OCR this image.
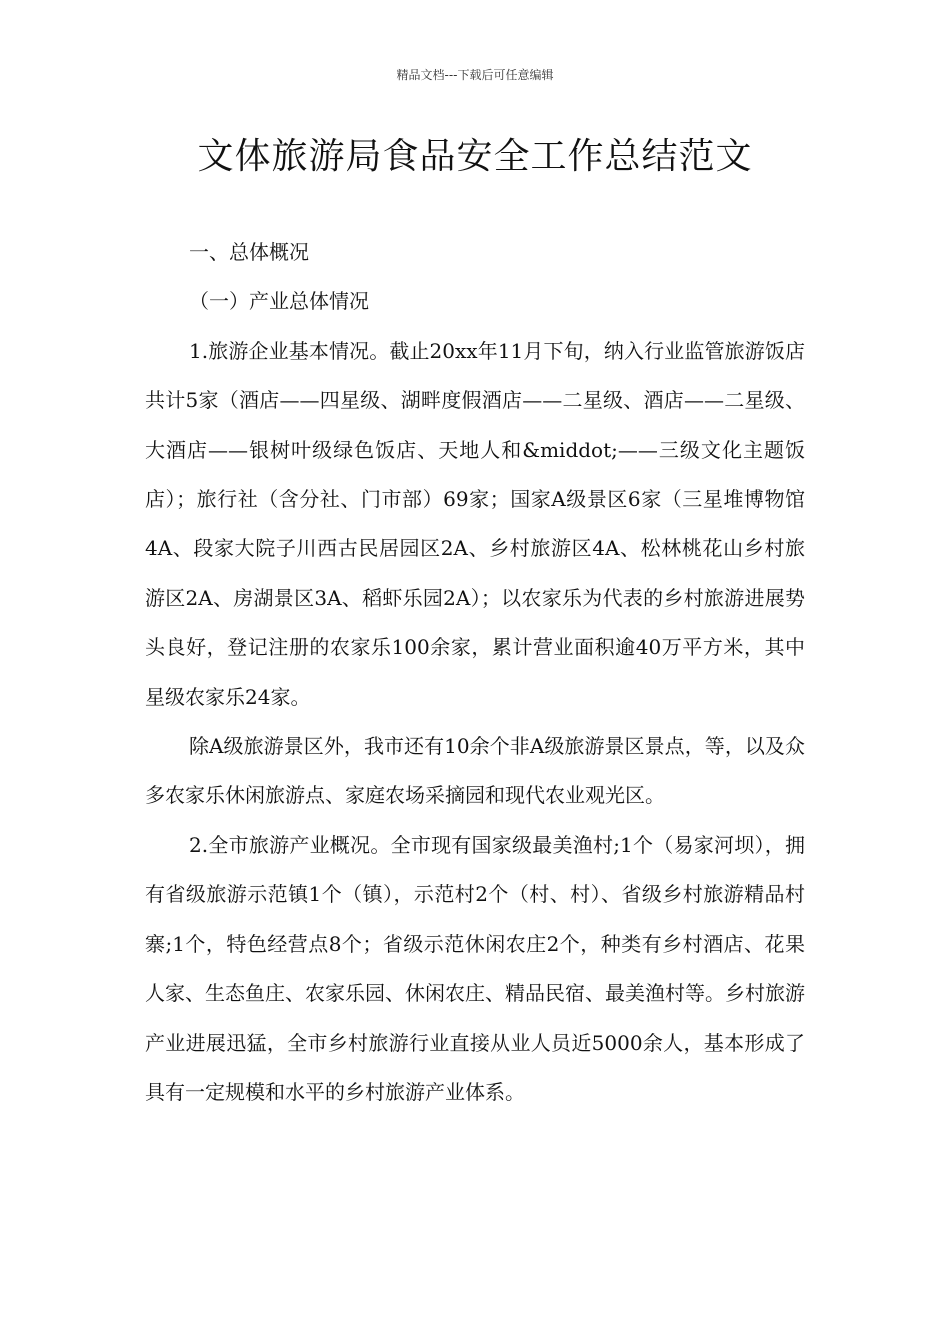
精品文档---下载后可任意编辑
文体旅游局食品安全工作总结范文

一、总体概况

（一）产业总体情况

1.旅游企业基本情况。截止20xx年11月下旬，纳入行业监管旅游饭店共计5家（酒店——四星级、湖畔度假酒店——二星级、酒店——二星级、大酒店——银树叶级绿色饭店、天地人和&middot;——三级文化主题饭店）；旅行社（含分社、门市部）69家；国家A级景区6家（三星堆博物馆4A、段家大院子川西古民居园区2A、乡村旅游区4A、松林桃花山乡村旅游区2A、房湖景区3A、稻虾乐园2A）；以农家乐为代表的乡村旅游进展势头良好，登记注册的农家乐100余家，累计营业面积逾40万平方米，其中星级农家乐24家。

除A级旅游景区外，我市还有10余个非A级旅游景区景点，等，以及众多农家乐休闲旅游点、家庭农场采摘园和现代农业观光区。

2.全市旅游产业概况。全市现有国家级最美渔村;1个（易家河坝），拥有省级旅游示范镇1个（镇），示范村2个（村、村）、省级乡村旅游精品村寨;1个，特色经营点8个；省级示范休闲农庄2个，种类有乡村酒店、花果人家、生态鱼庄、农家乐园、休闲农庄、精品民宿、最美渔村等。乡村旅游产业进展迅猛，全市乡村旅游行业直接从业人员近5000余人，基本形成了具有一定规模和水平的乡村旅游产业体系。
